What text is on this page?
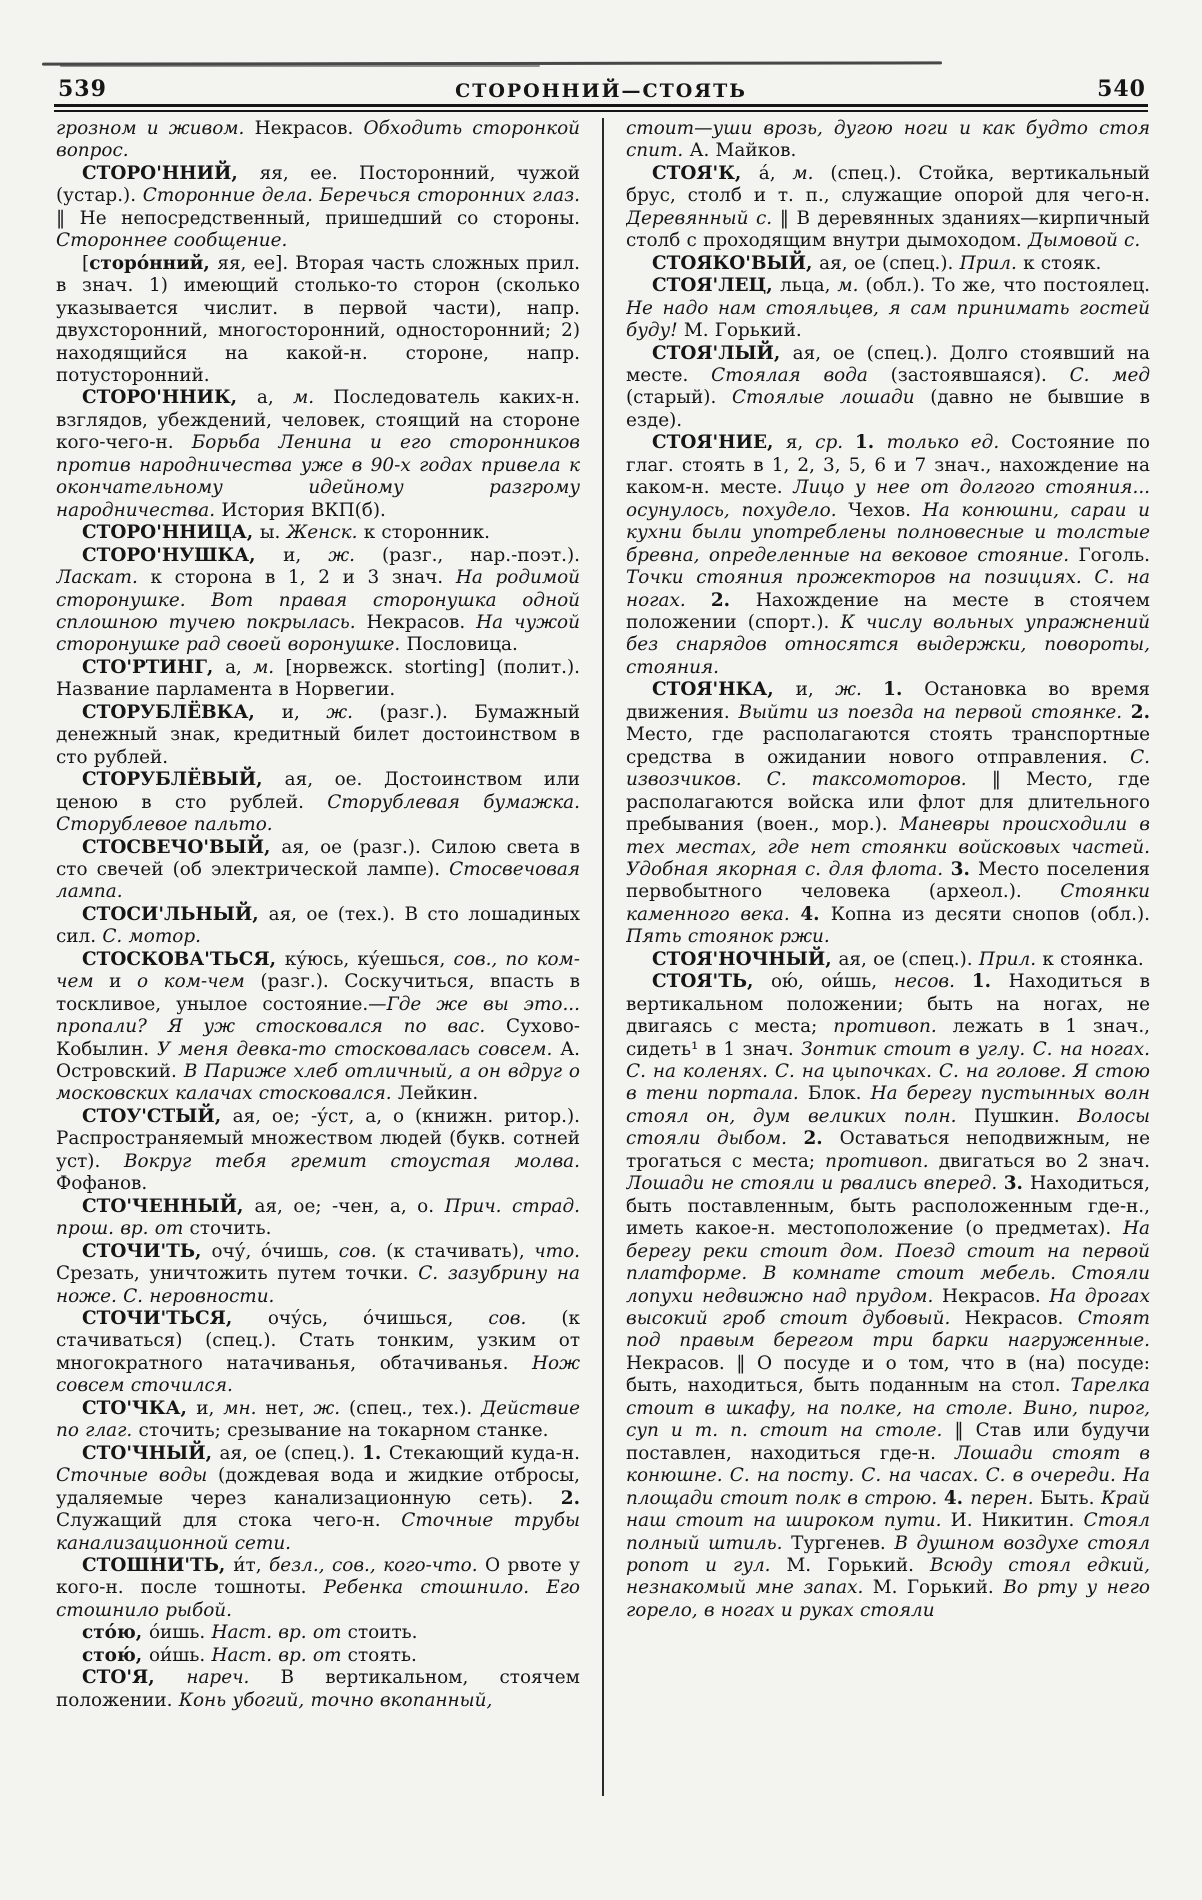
539	СТОРОННИЙ—СТОЯТЬ	540

грозном и живом. Некрасов. Обходить сторонкой вопрос.

СТОРО'ННИЙ, яя, ее. Посторонний, чужой (устар.). Сторонние дела. Беречься сторонних глаз. ‖ Не непосредственный, пришедший со стороны. Стороннее сообщение.

[сторо́нний, яя, ее]. Вторая часть сложных прил. в знач. 1) имеющий столько-то сторон (сколько указывается числит. в первой части), напр. двухсторонний, многосторонний, односторонний; 2) находящийся на какой-н. стороне, напр. потусторонний.

СТОРО'ННИК, а, м. Последователь каких-н. взглядов, убеждений, человек, стоящий на стороне кого-чего-н. Борьба Ленина и его сторонников против народничества уже в 90-х годах привела к окончательному идейному разгрому народничества. История ВКП(б).

СТОРО'ННИЦА, ы. Женск. к сторонник.

СТОРО'НУШКА, и, ж. (разг., нар.-поэт.). Ласкат. к сторона в 1, 2 и 3 знач. На родимой сторонушке. Вот правая сторонушка одной сплошною тучею покрылась. Некрасов. На чужой сторонушке рад своей воронушке. Пословица.

СТО'РТИНГ, а, м. [норвежск. storting] (полит.). Название парламента в Норвегии.

СТОРУБЛЁВКА, и, ж. (разг.). Бумажный денежный знак, кредитный билет достоинством в сто рублей.

СТОРУБЛЁВЫЙ, ая, ое. Достоинством или ценою в сто рублей. Сторублевая бумажка. Сторублевое пальто.

СТОСВЕЧО'ВЫЙ, ая, ое (разг.). Силою света в сто свечей (об электрической лампе). Стосвечовая лампа.

СТОСИ'ЛЬНЫЙ, ая, ое (тех.). В сто лошадиных сил. С. мотор.

СТОСКОВА'ТЬСЯ, ку́юсь, ку́ешься, сов., по ком-чем и о ком-чем (разг.). Соскучиться, впасть в тоскливое, унылое состояние.—Где же вы это... пропали? Я уж стосковался по вас. Сухово-Кобылин. У меня девка-то стосковалась совсем. А. Островский. В Париже хлеб отличный, а он вдруг о московских калачах стосковался. Лейкин.

СТОУ'СТЫЙ, ая, ое; -у́ст, а, о (книжн. ритор.). Распространяемый множеством людей (букв. сотней уст). Вокруг тебя гремит стоустая молва. Фофанов.

СТО'ЧЕННЫЙ, ая, ое; -чен, а, о. Прич. страд. прош. вр. от сточить.

СТОЧИ'ТЬ, очу́, о́чишь, сов. (к стачивать), что. Срезать, уничтожить путем точки. С. зазубрину на ноже. С. неровности.

СТОЧИ'ТЬСЯ, очу́сь, о́чишься, сов. (к стачиваться) (спец.). Стать тонким, узким от многократного натачиванья, обтачиванья. Нож совсем сточился.

СТО'ЧКА, и, мн. нет, ж. (спец., тех.). Действие по глаг. сточить; срезывание на токарном станке.

СТО'ЧНЫЙ, ая, ое (спец.). 1. Стекающий куда-н. Сточные воды (дождевая вода и жидкие отбросы, удаляемые через канализационную сеть). 2. Служащий для стока чего-н. Сточные трубы канализационной сети.

СТОШНИ'ТЬ, и́т, безл., сов., кого-что. О рвоте у кого-н. после тошноты. Ребенка стошнило. Его стошнило рыбой.

сто́ю, о́ишь. Наст. вр. от стоить.

стою́, ои́шь. Наст. вр. от стоять.

СТО'Я, нареч. В вертикальном, стоячем положении. Конь убогий, точно вкопанный,

стоит—уши врозь, дугою ноги и как будто стоя спит. А. Майков.

СТОЯ'К, а́, м. (спец.). Стойка, вертикальный брус, столб и т. п., служащие опорой для чего-н. Деревянный с. ‖ В деревянных зданиях—кирпичный столб с проходящим внутри дымоходом. Дымовой с.

СТОЯКО'ВЫЙ, ая, ое (спец.). Прил. к стояк.

СТОЯ'ЛЕЦ, льца, м. (обл.). То же, что постоялец. Не надо нам стояльцев, я сам принимать гостей буду! М. Горький.

СТОЯ'ЛЫЙ, ая, ое (спец.). Долго стоявший на месте. Стоялая вода (застоявшаяся). С. мед (старый). Стоялые лошади (давно не бывшие в езде).

СТОЯ'НИЕ, я, ср. 1. только ед. Состояние по глаг. стоять в 1, 2, 3, 5, 6 и 7 знач., нахождение на каком-н. месте. Лицо у нее от долгого стояния... осунулось, похудело. Чехов. На конюшни, сараи и кухни были употреблены полновесные и толстые бревна, определенные на вековое стояние. Гоголь. Точки стояния прожекторов на позициях. С. на ногах. 2. Нахождение на месте в стоячем положении (спорт.). К числу вольных упражнений без снарядов относятся выдержки, повороты, стояния.

СТОЯ'НКА, и, ж. 1. Остановка во время движения. Выйти из поезда на первой стоянке. 2. Место, где располагаются стоять транспортные средства в ожидании нового отправления. С. извозчиков. С. таксомоторов. ‖ Место, где располагаются войска или флот для длительного пребывания (воен., мор.). Маневры происходили в тех местах, где нет стоянки войсковых частей. Удобная якорная с. для флота. 3. Место поселения первобытного человека (археол.). Стоянки каменного века. 4. Копна из десяти снопов (обл.). Пять стоянок ржи.

СТОЯ'НОЧНЫЙ, ая, ое (спец.). Прил. к стоянка.

СТОЯ'ТЬ, ою́, ои́шь, несов. 1. Находиться в вертикальном положении; быть на ногах, не двигаясь с места; противоп. лежать в 1 знач., сидеть¹ в 1 знач. Зонтик стоит в углу. С. на ногах. С. на коленях. С. на цыпочках. С. на голове. Я стою в тени портала. Блок. На берегу пустынных волн стоял он, дум великих полн. Пушкин. Волосы стояли дыбом. 2. Оставаться неподвижным, не трогаться с места; противоп. двигаться во 2 знач. Лошади не стояли и рвались вперед. 3. Находиться, быть поставленным, быть расположенным где-н., иметь какое-н. местоположение (о предметах). На берегу реки стоит дом. Поезд стоит на первой платформе. В комнате стоит мебель. Стояли лопухи недвижно над прудом. Некрасов. На дрогах высокий гроб стоит дубовый. Некрасов. Стоят под правым берегом три барки нагруженные. Некрасов. ‖ О посуде и о том, что в (на) посуде: быть, находиться, быть поданным на стол. Тарелка стоит в шкафу, на полке, на столе. Вино, пирог, суп и т. п. стоит на столе. ‖ Став или будучи поставлен, находиться где-н. Лошади стоят в конюшне. С. на посту. С. на часах. С. в очереди. На площади стоит полк в строю. 4. перен. Быть. Край наш стоит на широком пути. И. Никитин. Стоял полный штиль. Тургенев. В душном воздухе стоял ропот и гул. М. Горький. Всюду стоял едкий, незнакомый мне запах. М. Горький. Во рту у него горело, в ногах и руках стояли
